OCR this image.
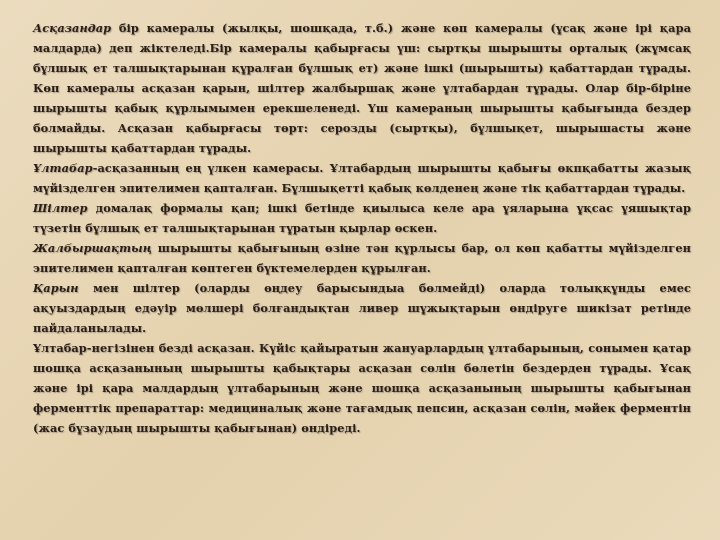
Асқазандар бір камералы (жылқы, шошқада, т.б.) және көп камералы (ұсақ және ірі қара малдарда) деп жіктеледі.Бір камералы қабырғасы үш: сыртқы шырышты орталық (жұмсақ бұлшық ет талшықтарынан құралған бұлшық ет) және ішкі (шырышты) қабаттардан тұрады. Көп камералы асқазан қарын, шілтер жалбыршақ және ұлтабардан тұрады. Олар бір-біріне шырышты қабық құрлымымен ерекшеленеді. Үш камераның шырышты қабығында бездер болмайды. Асқазан қабырғасы төрт: серозды (сыртқы), бұлшықет, шырышасты және шырышты қабаттардан тұрады.

Ұлтабар-асқазанның ең үлкен камерасы. Ұлтабардың шырышты қабығы өкпқабатты жазық мүйізделген эпителимен қапталған. Бұлшықетті қабық көлденең және тік қабаттардан тұрады.

Шілтер домалақ формалы қап; ішкі бетінде қиылыса келе ара ұяларына ұқсас ұяшықтар түзетін бұлшық ет талшықтарынан тұратын қырлар өскен.

Жалбыршақтың шырышты қабығының өзіне тән құрлысы бар, ол көп қабатты мүйізделген эпителимен қапталған көптеген бүктемелерден құрылған.

Қарын мен шілтер (оларды өңдеу барысындыа бөлмейді) оларда толыққұнды емес ақуыздардың едәуір мөлшері болғандықтан ливер шұжықтарын өндіруге шикізат ретінде пайдаланылады.

Ұлтабар-негізінен безді асқазан. Күйіс қайыратын жануарлардың ұлтабарының, сонымен қатар шошқа асқазанының шырышты қабықтары асқазан сөлін бөлетін бездерден тұрады. Ұсақ және ірі қара малдардың ұлтабарының және шошқа асқазанының шырышты қабығынан ферменттік препараттар: медициналық және тағамдық пепсин, асқазан сөлін, мәйек ферментін (жас бұзаудың шырышты қабығынан) өндіреді.
